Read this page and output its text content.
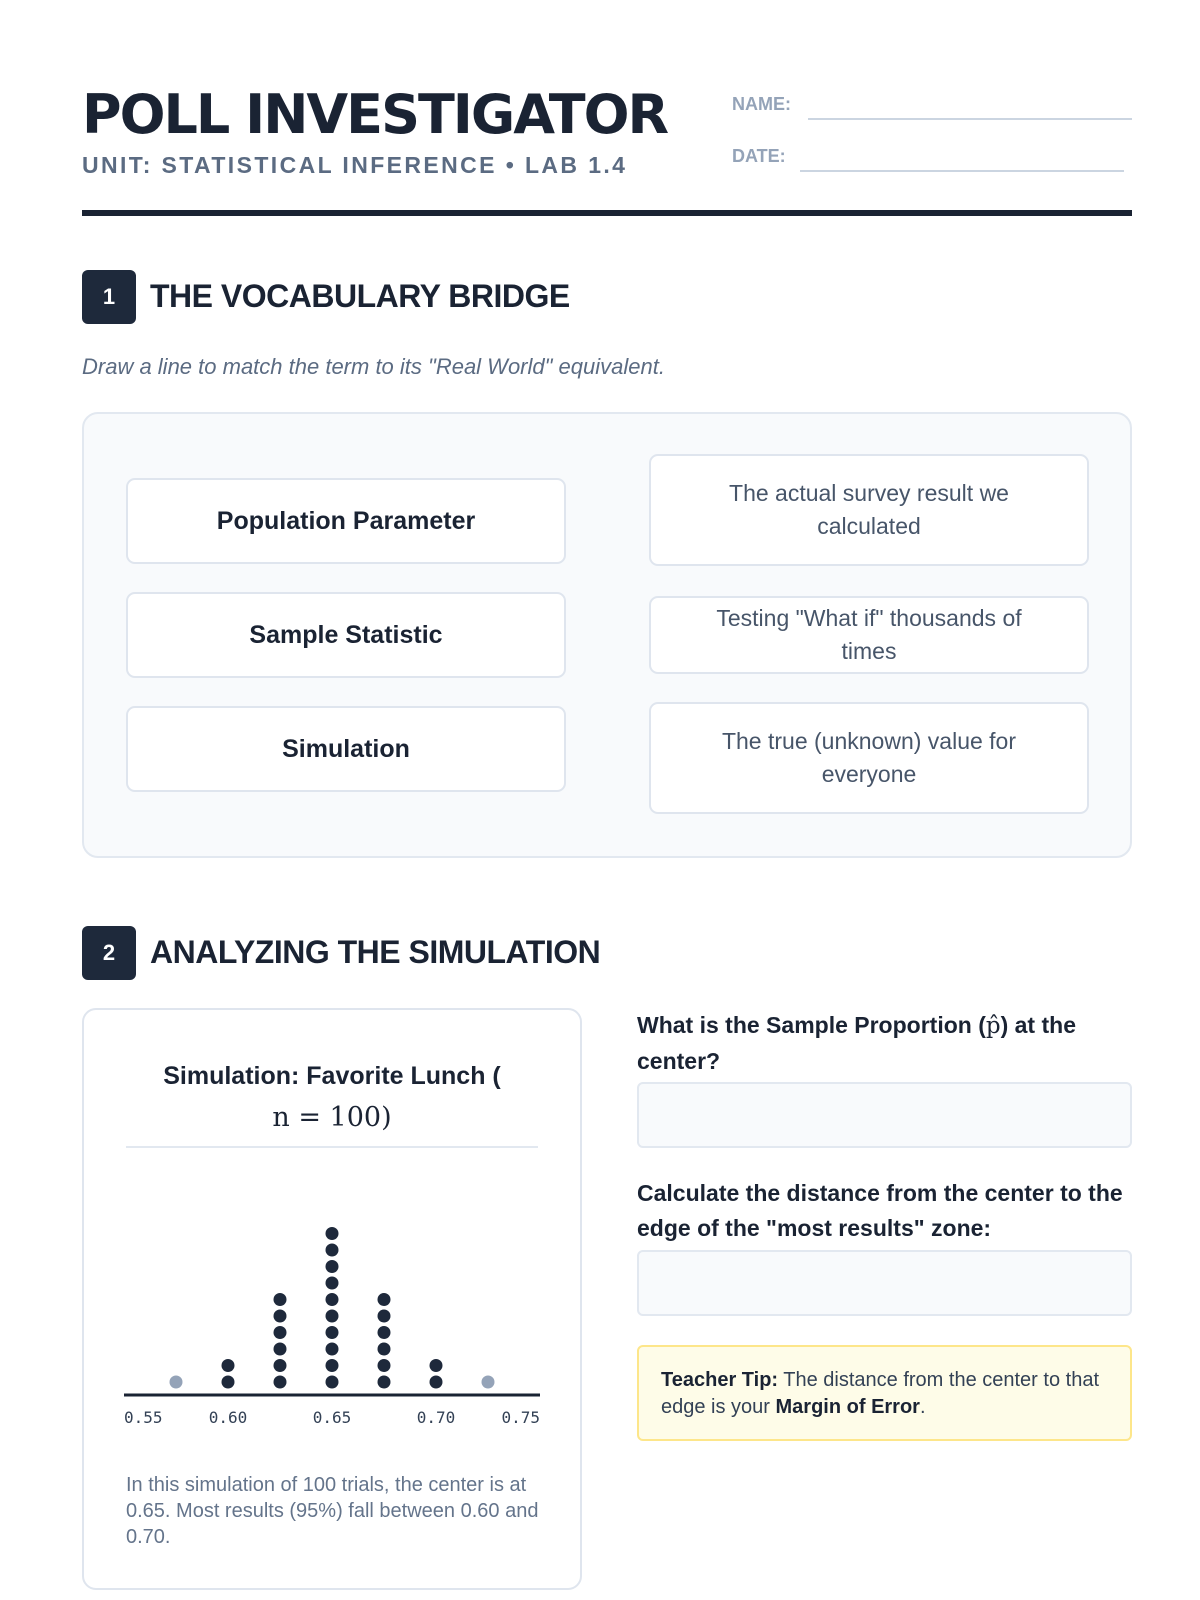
POLL INVESTIGATOR
UNIT: STATISTICAL INFERENCE • LAB 1.4
NAME:
DATE:
1	THE VOCABULARY BRIDGE
Draw a line to match the term to its "Real World" equivalent.
Population Parameter
Sample Statistic
Simulation
The actual survey result we calculated
Testing "What if" thousands of times
The true (unknown) value for everyone
2	ANALYZING THE SIMULATION
Simulation: Favorite Lunch (
n = 100)
In this simulation of 100 trials, the center is at 0.65. Most results (95%) fall between 0.60 and 0.70.
0.55	0.60	0.65	0.70	0.75
What is the Sample Proportion (p̂) at the center?
Calculate the distance from the center to the edge of the "most results" zone:
Teacher Tip: The distance from the center to that edge is your Margin of Error.
